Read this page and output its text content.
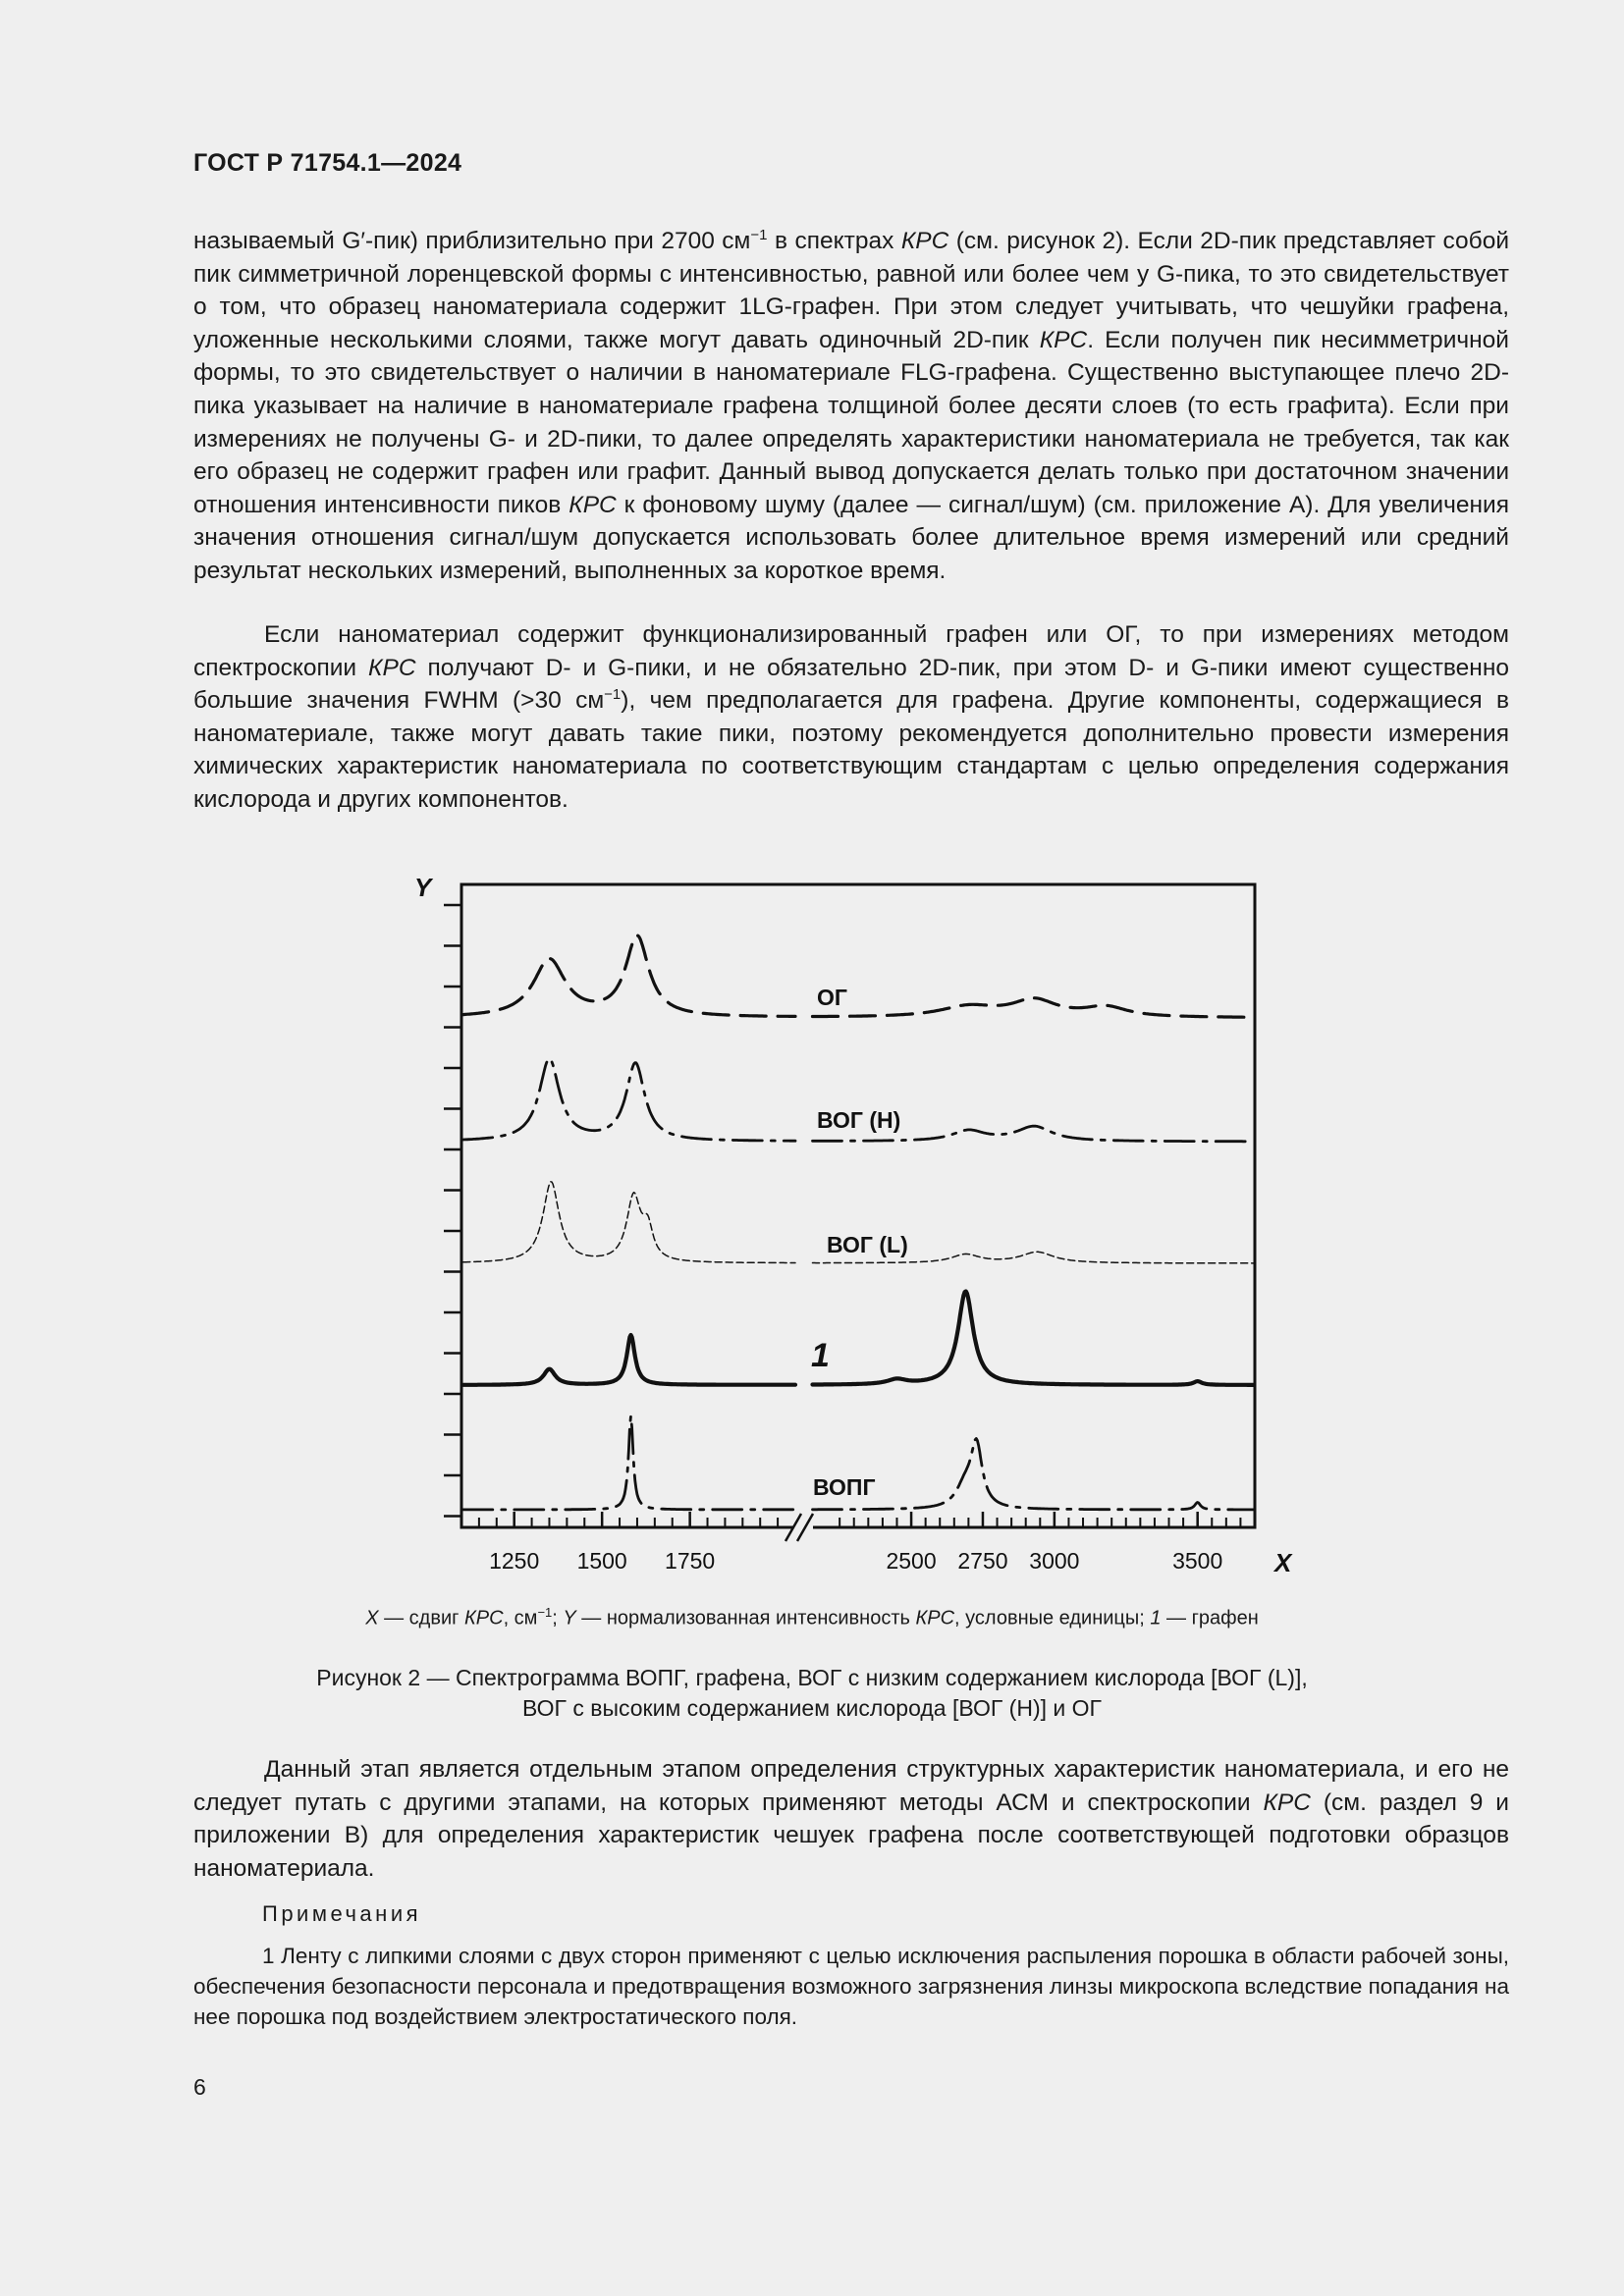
ГОСТ Р 71754.1—2024

называемый G′-пик) приблизительно при 2700 $см^{-1}$ в спектрах КРС (см. рисунок 2). Если 2D-пик представляет собой пик симметричной лоренцевской формы с интенсивностью, равной или более чем у G-пика, то это свидетельствует о том, что образец наноматериала содержит 1LG-графен. При этом следует учитывать, что чешуйки графена, уложенные несколькими слоями, также могут давать одиночный 2D-пик КРС. Если получен пик несимметричной формы, то это свидетельствует о наличии в наноматериале FLG-графена. Существенно выступающее плечо 2D-пика указывает на наличие в наноматериале графена толщиной более десяти слоев (то есть графита). Если при измерениях не получены G- и 2D-пики, то далее определять характеристики наноматериала не требуется, так как его образец не содержит графен или графит. Данный вывод допускается делать только при достаточном значении отношения интенсивности пиков КРС к фоновому шуму (далее — сигнал/шум) (см. приложение А). Для увеличения значения отношения сигнал/шум допускается использовать более длительное время измерений или средний результат нескольких измерений, выполненных за короткое время.

Если наноматериал содержит функционализированный графен или ОГ, то при измерениях методом спектроскопии КРС получают D- и G-пики, и не обязательно 2D-пик, при этом D- и G-пики имеют существенно большие значения FWHM (>30 $см^{-1}$), чем предполагается для графена. Другие компоненты, содержащиеся в наноматериале, также могут давать такие пики, поэтому рекомендуется дополнительно провести измерения химических характеристик наноматериала по соответствующим стандартам с целью определения содержания кислорода и других компонентов.

1250 1500 1750	2500 2750 3000	3500 X
Y
ОГ
ВОГ (Н)
ВОГ (L)
1
ВОПГ
X — сдвиг КРС, $см^{-1}$; Y — нормализованная интенсивность КРС, условные единицы; 1 — графен
Рисунок 2 — Спектрограмма ВОПГ, графена, ВОГ с низким содержанием кислорода [ВОГ (L)],
ВОГ с высоким содержанием кислорода [ВОГ (Н)] и ОГ

Данный этап является отдельным этапом определения структурных характеристик наноматериала, и его не следует путать с другими этапами, на которых применяют методы АСМ и спектроскопии КРС (см. раздел 9 и приложении В) для определения характеристик чешуек графена после соответствующей подготовки образцов наноматериала.

Примечания

1 Ленту с липкими слоями с двух сторон применяют с целью исключения распыления порошка в области рабочей зоны, обеспечения безопасности персонала и предотвращения возможного загрязнения линзы микроскопа вследствие попадания на нее порошка под воздействием электростатического поля.

6
